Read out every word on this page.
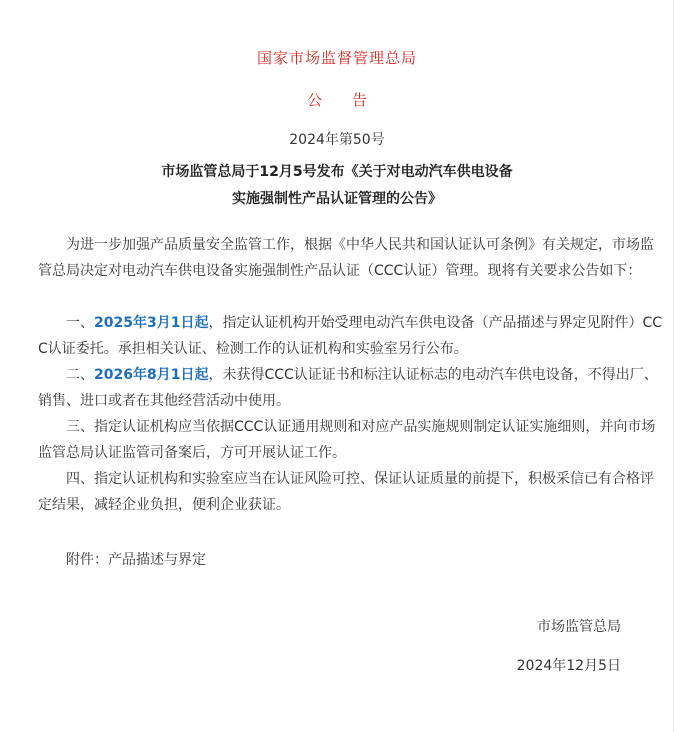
国家市场监督管理总局
公 告
2024年第50号
市场监管总局于12月5号发布《关于对电动汽车供电设备
实施强制性产品认证管理的公告》

为进一步加强产品质量安全监管工作，根据《中华人民共和国认证认可条例》有关规定，市场监管总局决定对电动汽车供电设备实施强制性产品认证（CCC认证）管理。现将有关要求公告如下：

一、2025年3月1日起，指定认证机构开始受理电动汽车供电设备（产品描述与界定见附件）CCC认证委托。承担相关认证、检测工作的认证机构和实验室另行公布。

二、2026年8月1日起，未获得CCC认证证书和标注认证标志的电动汽车供电设备，不得出厂、销售、进口或者在其他经营活动中使用。

三、指定认证机构应当依据CCC认证通用规则和对应产品实施规则制定认证实施细则，并向市场监管总局认证监管司备案后，方可开展认证工作。

四、指定认证机构和实验室应当在认证风险可控、保证认证质量的前提下，积极采信已有合格评定结果，减轻企业负担，便利企业获证。

附件：产品描述与界定
市场监管总局
2024年12月5日
